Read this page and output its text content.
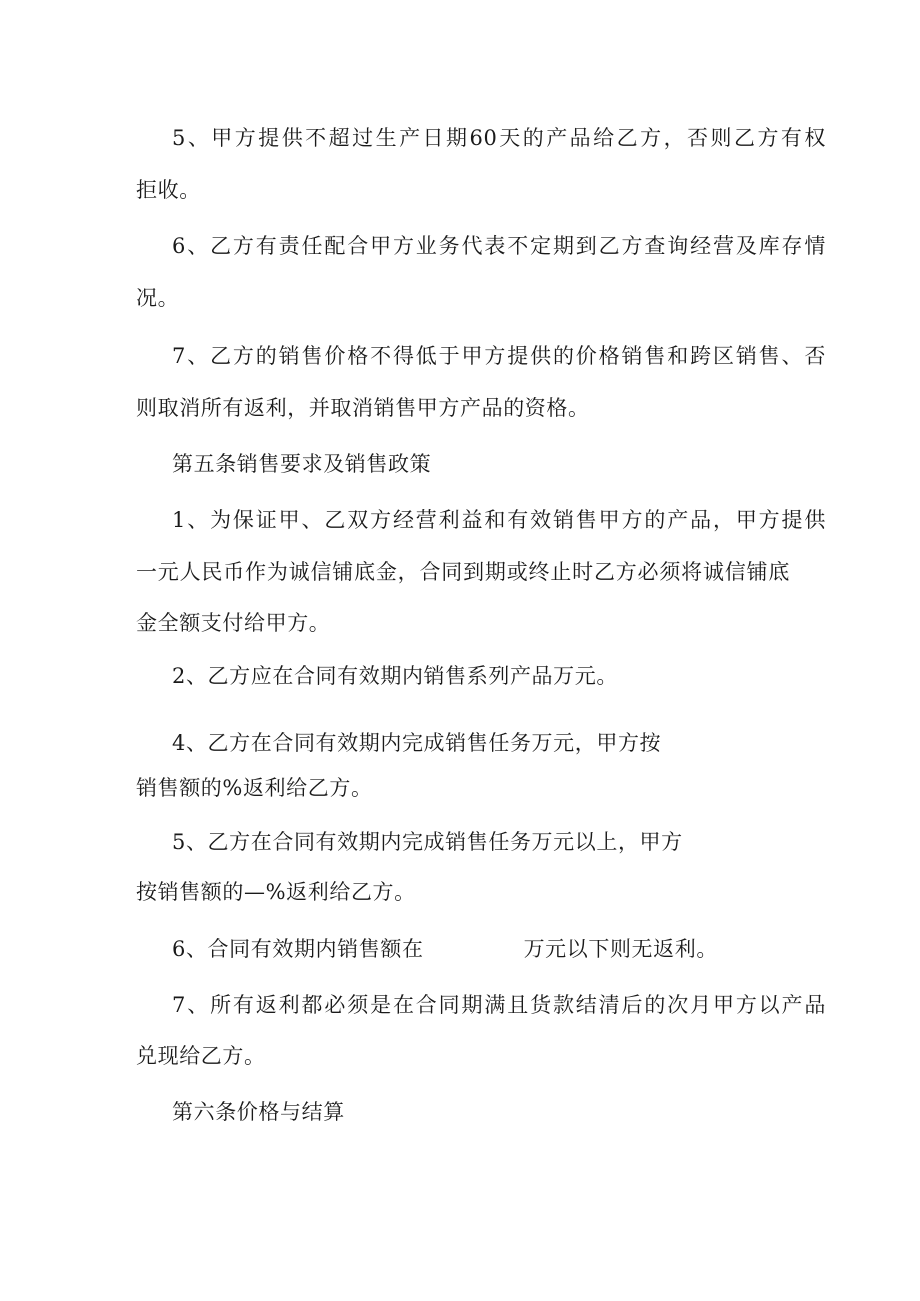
5、甲方提供不超过生产日期60天的产品给乙方，否则乙方有权
拒收。
6、乙方有责任配合甲方业务代表不定期到乙方查询经营及库存情
况。
7、乙方的销售价格不得低于甲方提供的价格销售和跨区销售、否
则取消所有返利，并取消销售甲方产品的资格。
第五条销售要求及销售政策
1、为保证甲、乙双方经营利益和有效销售甲方的产品，甲方提供
一元人民币作为诚信铺底金，合同到期或终止时乙方必须将诚信铺底
金全额支付给甲方。
2、乙方应在合同有效期内销售系列产品万元。
4、乙方在合同有效期内完成销售任务万元，甲方按
销售额的%返利给乙方。
5、乙方在合同有效期内完成销售任务万元以上，甲方
按销售额的—%返利给乙方。
6、合同有效期内销售额在	万元以下则无返利。
7、所有返利都必须是在合同期满且货款结清后的次月甲方以产品
兑现给乙方。
第六条价格与结算
